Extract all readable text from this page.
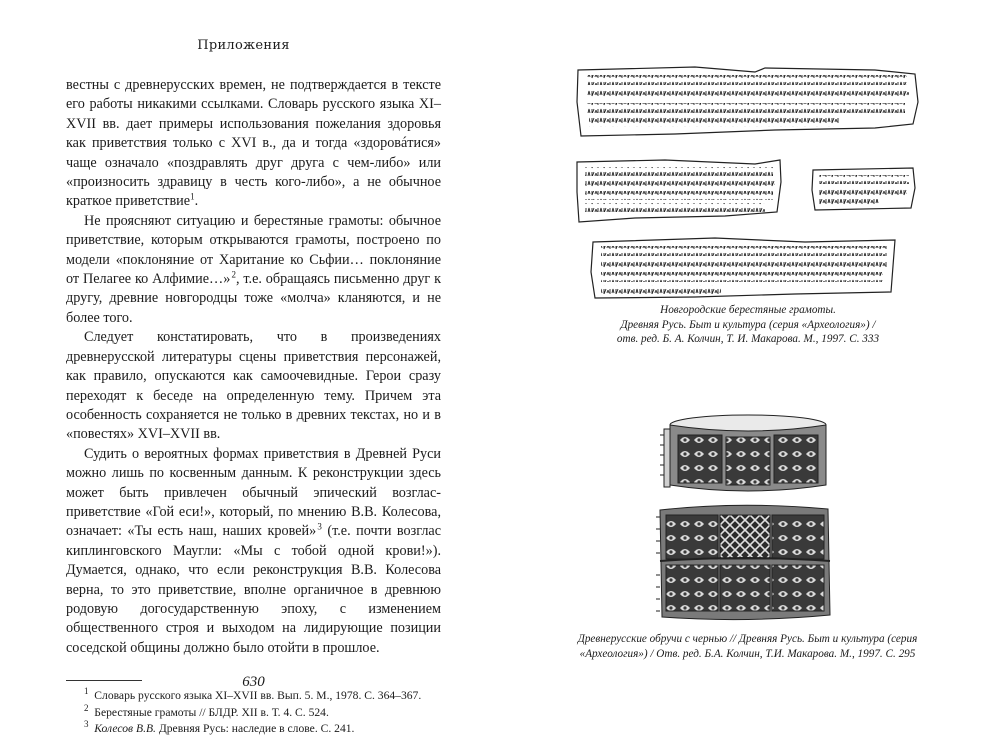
Приложения

вестны с древнерусских времен, не подтверждается в тексте его работы никакими ссылками. Словарь русского языка XI–XVII вв. дает примеры использования пожелания здоровья как приветствия только с XVI в., да и тогда «здоровáтися» чаще означало «поздравлять друг друга с чем-либо» или «произносить здравицу в честь кого-либо», а не обычное краткое приветствие$^1$.

Не проясняют ситуацию и берестяные грамоты: обычное приветствие, которым открываются грамоты, построено по модели «поклоняние от Харитание ко Сьфии… поклоняние от Пелагее ко Алфимие…» $^2$, т.е. обращаясь письменно друг к другу, древние новгородцы тоже «молча» кланяются, и не более того.

Следует констатировать, что в произведениях древнерусской литературы сцены приветствия персонажей, как правило, опускаются как самоочевидные. Герои сразу переходят к беседе на определенную тему. Причем эта особенность сохраняется не только в древних текстах, но и в «повестях» XVI–XVII вв.

Судить о вероятных формах приветствия в Древней Руси можно лишь по косвенным данным. К реконструкции здесь может быть привлечен обычный эпический возглас-приветствие «Гой еси!», который, по мнению В.В. Колесова, означает: «Ты есть наш, наших кровей» $^3$ (т.е. почти возглас киплинговского Маугли: «Мы с тобой одной крови!»). Думается, однако, что если реконструкция В.В. Колесова верна, то это приветствие, вполне органичное в древнюю родовую догосударственную эпоху, с изменением общественного строя и выходом на лидирующие позиции соседской общины должно было отойти в прошлое.

$^1$ Словарь русского языка XI–XVII вв. Вып. 5. М., 1978. С. 364–367.
$^2$ Берестяные грамоты // БЛДР. XII в. Т. 4. С. 524.
$^3$ Колесов В.В. Древняя Русь: наследие в слове. С. 241.
630
Новгородские берестяные грамоты.
Древняя Русь. Быт и культура (серия «Археология») /
отв. ред. Б. А. Колчин, Т. И. Макарова. М., 1997. С. 333
Древнерусские обручи с чернью // Древняя Русь. Быт и культура (серия
«Археология») / Отв. ред. Б.А. Колчин, Т.И. Макарова. М., 1997. С. 295
